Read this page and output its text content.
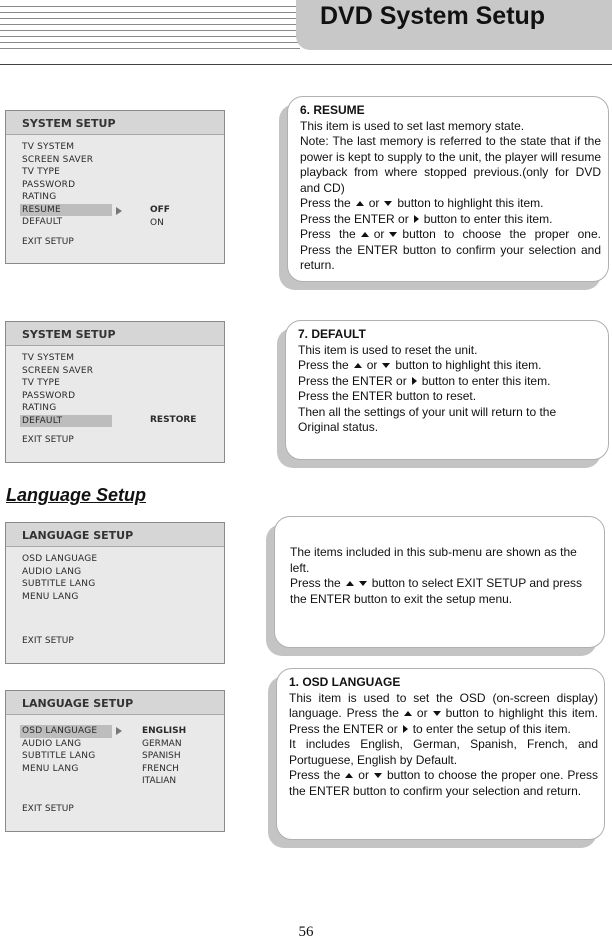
DVD System Setup
SYSTEM SETUP
TV SYSTEM
SCREEN SAVER
TV TYPE
PASSWORD
RATING
RESUME
DEFAULT
OFF
ON
EXIT SETUP

6. RESUME

This item is used to set last memory state.

Note: The last memory is referred to the state that if the power is kept to supply to the unit, the player will resume playback from where stopped previous.(only for DVD and CD)

Press the or button to highlight this item.

Press the ENTER or button to enter this item.

Press the or button to choose the proper one. Press the ENTER button to confirm your selection and return.

SYSTEM SETUP
TV SYSTEM
SCREEN SAVER
TV TYPE
PASSWORD
RATING
DEFAULT	RESTORE
EXIT SETUP

7. DEFAULT

This item is used to reset the unit.

Press the or button to highlight this item.

Press the ENTER or button to enter this item.

Press the ENTER button to reset.

Then all the settings of your unit will return to the Original status.

Language Setup
LANGUAGE SETUP
OSD LANGUAGE
AUDIO LANG
SUBTITLE LANG
MENU LANG
EXIT SETUP

The items included in this sub-menu are shown as the left.

Press the	button to select EXIT SETUP and press the ENTER button to exit the setup menu.

LANGUAGE SETUP
OSD LANGUAGE
AUDIO LANG
SUBTITLE LANG
MENU LANG
ENGLISH
GERMAN
SPANISH
FRENCH
ITALIAN
EXIT SETUP

1. OSD LANGUAGE

This item is used to set the OSD (on-screen display) language. Press the or button to highlight this item. Press the ENTER or to enter the setup of this item.

It includes English, German, Spanish, French, and Portuguese, English by Default.

Press the or button to choose the proper one. Press the ENTER button to confirm your selection and return.

56
